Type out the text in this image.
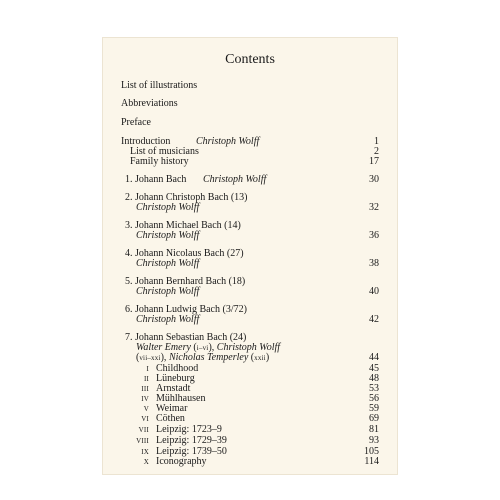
Contents
List of illustrations
Abbreviations
Preface
Introduction	Christoph Wolff	1
List of musicians	2
Family history	17
1. Johann Bach Christoph Wolff	30
2. Johann Christoph Bach (13)
Christoph Wolff	32
3. Johann Michael Bach (14)
Christoph Wolff	36
4. Johann Nicolaus Bach (27)
Christoph Wolff	38
5. Johann Bernhard Bach (18)
Christoph Wolff	40
6. Johann Ludwig Bach (3/72)
Christoph Wolff	42
7. Johann Sebastian Bach (24)
Walter Emery (i–vi), Christoph Wolff
(vii–xxi), Nicholas Temperley (xxii)	44
I Childhood	45
II Lüneburg	48
III Arnstadt	53
IV Mühlhausen	56
V Weimar	59
VI Cöthen	69
VII Leipzig: 1723–9	81
VIII Leipzig: 1729–39	93
IX Leipzig: 1739–50	105
X Iconography	114
